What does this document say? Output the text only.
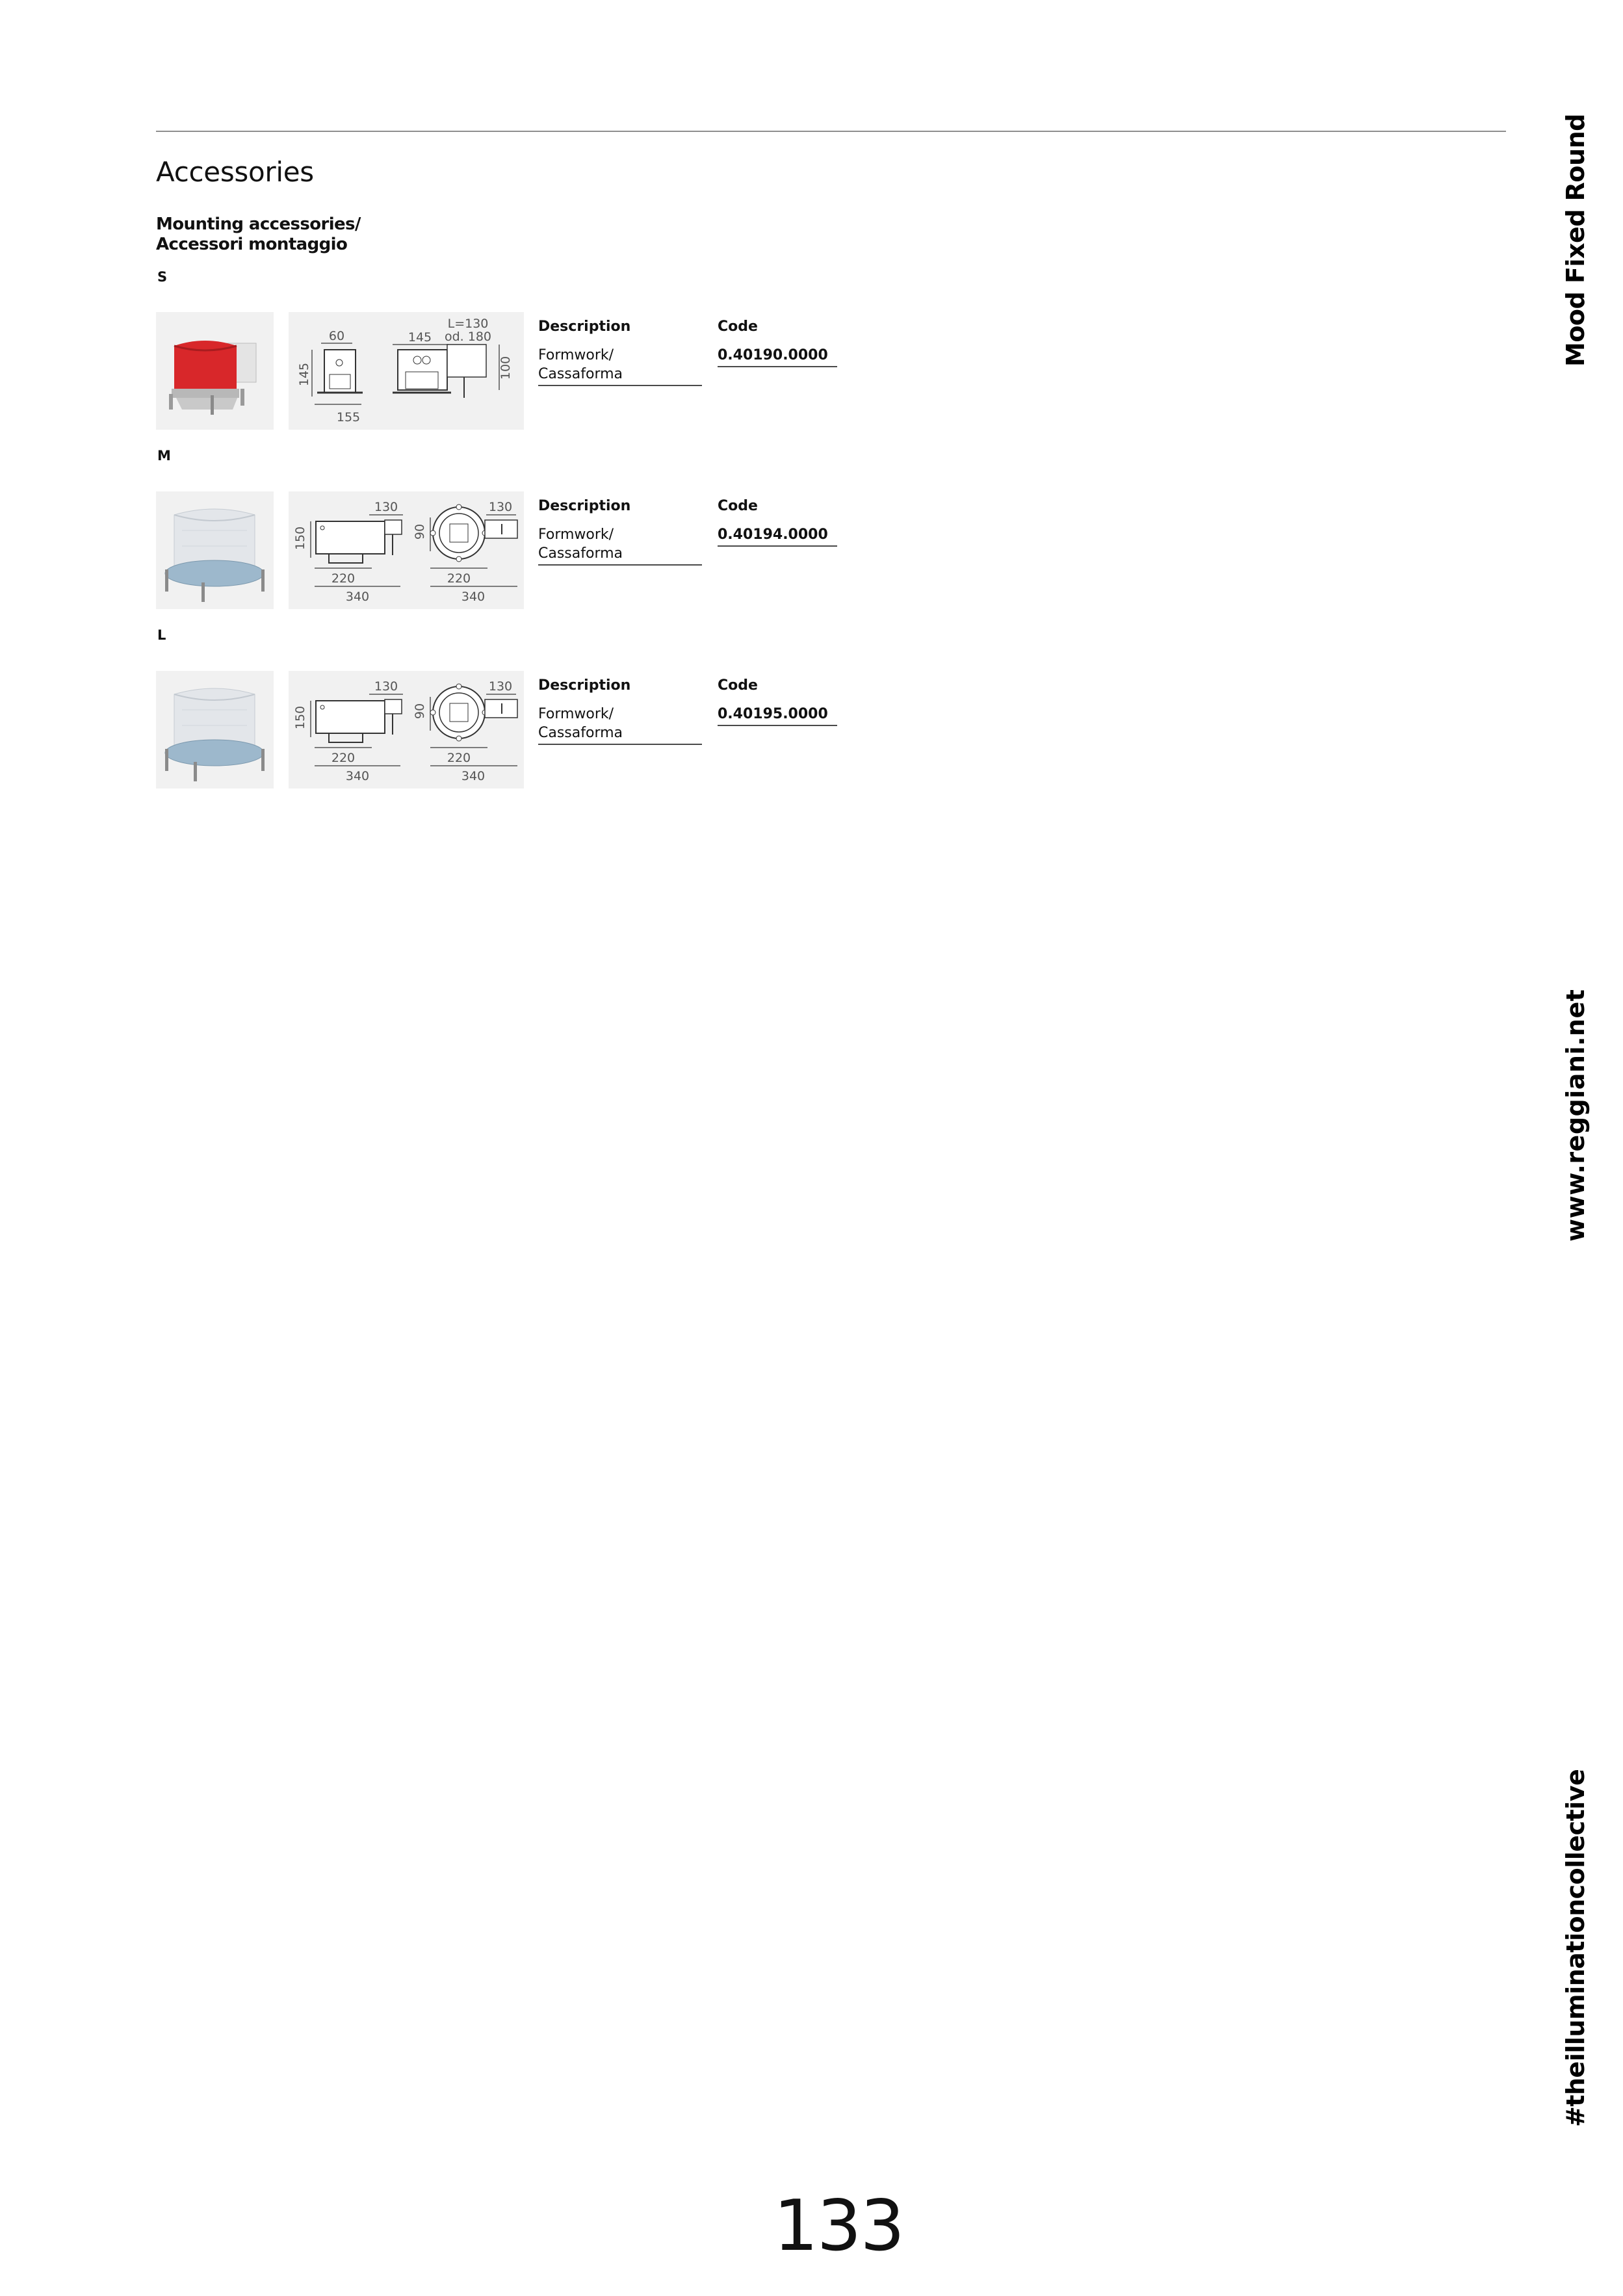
Accessories
Mounting accessories/
Accessori montaggio
S
60
145
155
145
L=130
od. 180
100
Description
Formwork/
Cassaforma
Code
0.40190.0000
M
130
150
220
340
90
130
220
340
Description
Formwork/
Cassaforma
Code
0.40194.0000
L
130
150
220
340
90
130
220
340
Description
Formwork/
Cassaforma
Code
0.40195.0000
Mood Fixed Round
www.reggiani.net
#theilluminationcollective
133
